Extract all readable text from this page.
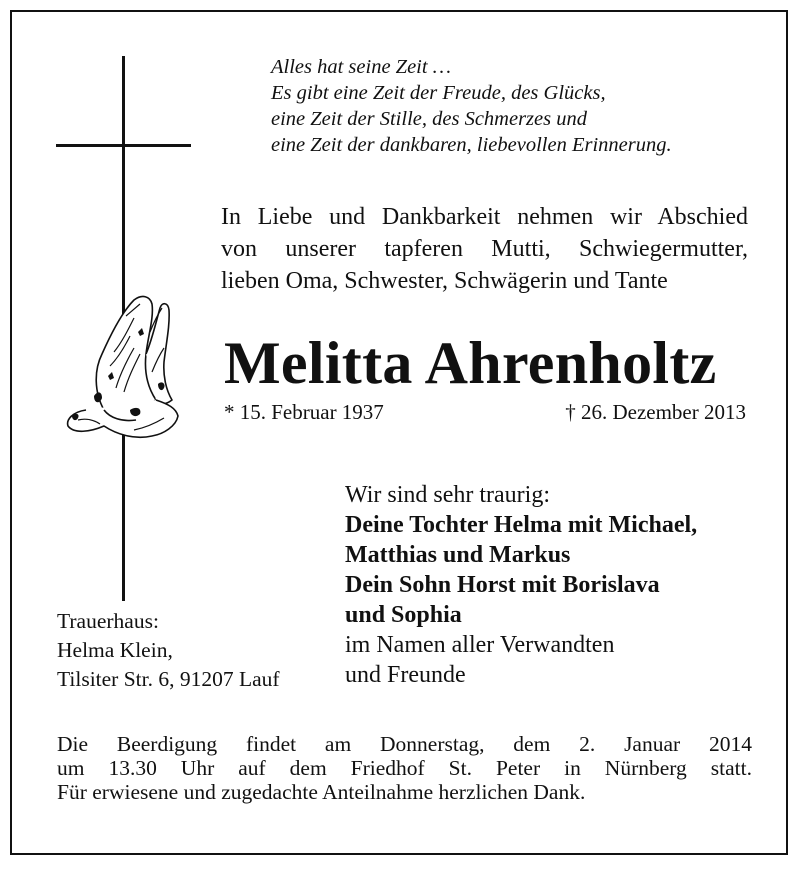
Alles hat seine Zeit …
Es gibt eine Zeit der Freude, des Glücks,
eine Zeit der Stille, des Schmerzes und
eine Zeit der dankbaren, liebevollen Erinnerung.
In Liebe und Dankbarkeit nehmen wir Abschied
von unserer tapferen Mutti, Schwiegermutter,
lieben Oma, Schwester, Schwägerin und Tante
Melitta Ahrenholtz
* 15. Februar 1937	† 26. Dezember 2013
Wir sind sehr traurig:
Deine Tochter Helma mit Michael,
Matthias und Markus
Dein Sohn Horst mit Borislava
und Sophia
im Namen aller Verwandten
und Freunde
Trauerhaus:
Helma Klein,
Tilsiter Str. 6, 91207 Lauf
Die Beerdigung findet am Donnerstag, dem 2. Januar 2014
um 13.30 Uhr auf dem Friedhof St. Peter in Nürnberg statt.
Für erwiesene und zugedachte Anteilnahme herzlichen Dank.
